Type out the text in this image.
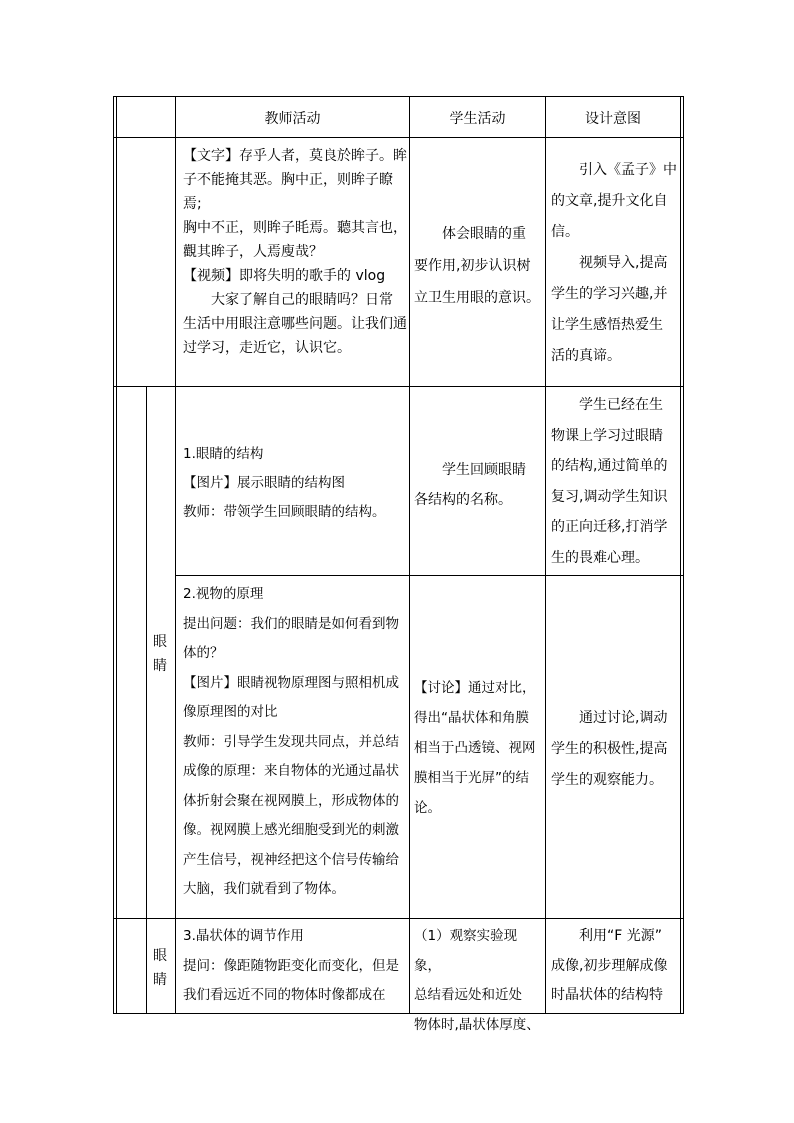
教师活动	学生活动	设计意图

【文字】存乎人者，莫良於眸子。眸

子不能掩其恶。胸中正，则眸子瞭焉;

胸中不正，则眸子眊焉。聽其言也，

觀其眸子，人焉廋哉？

【视频】即将失明的歌手的 vlog

　　大家了解自己的眼睛吗？日常

生活中用眼注意哪些问题。让我们通

过学习，走近它，认识它。

　　体会眼睛的重

要作用,初步认识树

立卫生用眼的意识。

　　引入《孟子》中

的文章,提升文化自

信。

　　视频导入,提高

学生的学习兴趣,并

让学生感悟热爱生

活的真谛。

1.眼睛的结构

【图片】展示眼睛的结构图

教师：带领学生回顾眼睛的结构。

　　学生回顾眼睛

各结构的名称。

　　学生已经在生

物课上学习过眼睛

的结构,通过简单的

复习,调动学生知识

的正向迁移,打消学

生的畏难心理。

眼
睛

2.视物的原理

提出问题：我们的眼睛是如何看到物

体的？

【图片】眼睛视物原理图与照相机成

像原理图的对比

教师：引导学生发现共同点，并总结

成像的原理：来自物体的光通过晶状

体折射会聚在视网膜上，形成物体的

像。视网膜上感光细胞受到光的刺激

产生信号，视神经把这个信号传输给

大脑，我们就看到了物体。

【讨论】通过对比，

得出“晶状体和角膜

相当于凸透镜、视网

膜相当于光屏”的结

论。

　　通过讨论,调动

学生的积极性,提高

学生的观察能力。

眼
睛

3.晶状体的调节作用

提问：像距随物距变化而变化，但是

我们看远近不同的物体时像都成在

（1）观察实验现象，

总结看远处和近处

物体时,晶状体厚度、

　　利用“F 光源”

成像,初步理解成像

时晶状体的结构特
